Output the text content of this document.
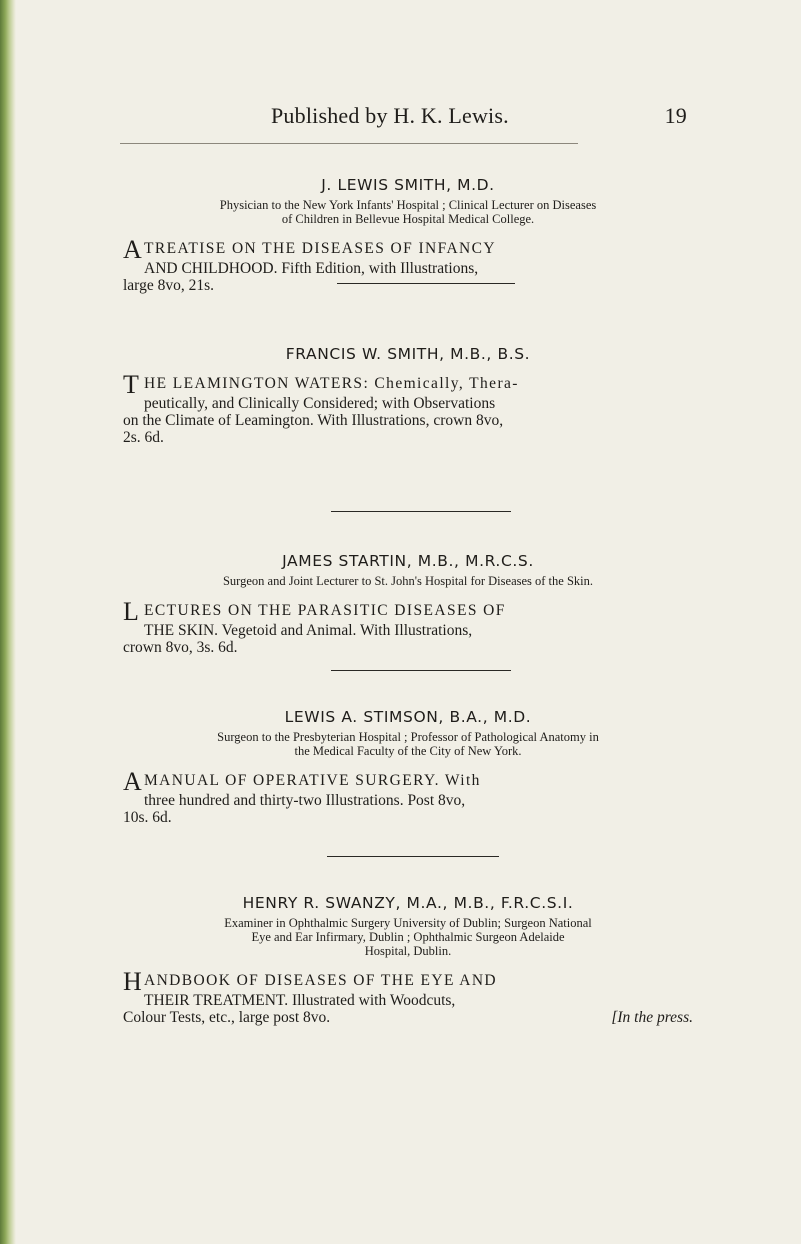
Published by H. K. Lewis.	19
J. LEWIS SMITH, M.D.
Physician to the New York Infants' Hospital ; Clinical Lecturer on Diseases
of Children in Bellevue Hospital Medical College.
ATREATISE ON THE DISEASES OF INFANCY
AND CHILDHOOD. Fifth Edition, with Illustrations,
large 8vo, 21s.
FRANCIS W. SMITH, M.B., B.S.
THE LEAMINGTON WATERS: Chemically, Thera-
peutically, and Clinically Considered; with Observations
on the Climate of Leamington. With Illustrations, crown 8vo,
2s. 6d.
JAMES STARTIN, M.B., M.R.C.S.
Surgeon and Joint Lecturer to St. John's Hospital for Diseases of the Skin.
LECTURES ON THE PARASITIC DISEASES OF
THE SKIN. Vegetoid and Animal. With Illustrations,
crown 8vo, 3s. 6d.
LEWIS A. STIMSON, B.A., M.D.
Surgeon to the Presbyterian Hospital ; Professor of Pathological Anatomy in
the Medical Faculty of the City of New York.
AMANUAL OF OPERATIVE SURGERY. With
three hundred and thirty-two Illustrations. Post 8vo,
10s. 6d.
HENRY R. SWANZY, M.A., M.B., F.R.C.S.I.
Examiner in Ophthalmic Surgery University of Dublin; Surgeon National
Eye and Ear Infirmary, Dublin ; Ophthalmic Surgeon Adelaide
Hospital, Dublin.
HANDBOOK OF DISEASES OF THE EYE AND
THEIR TREATMENT. Illustrated with Woodcuts,
Colour Tests, etc., large post 8vo.	[In the press.
